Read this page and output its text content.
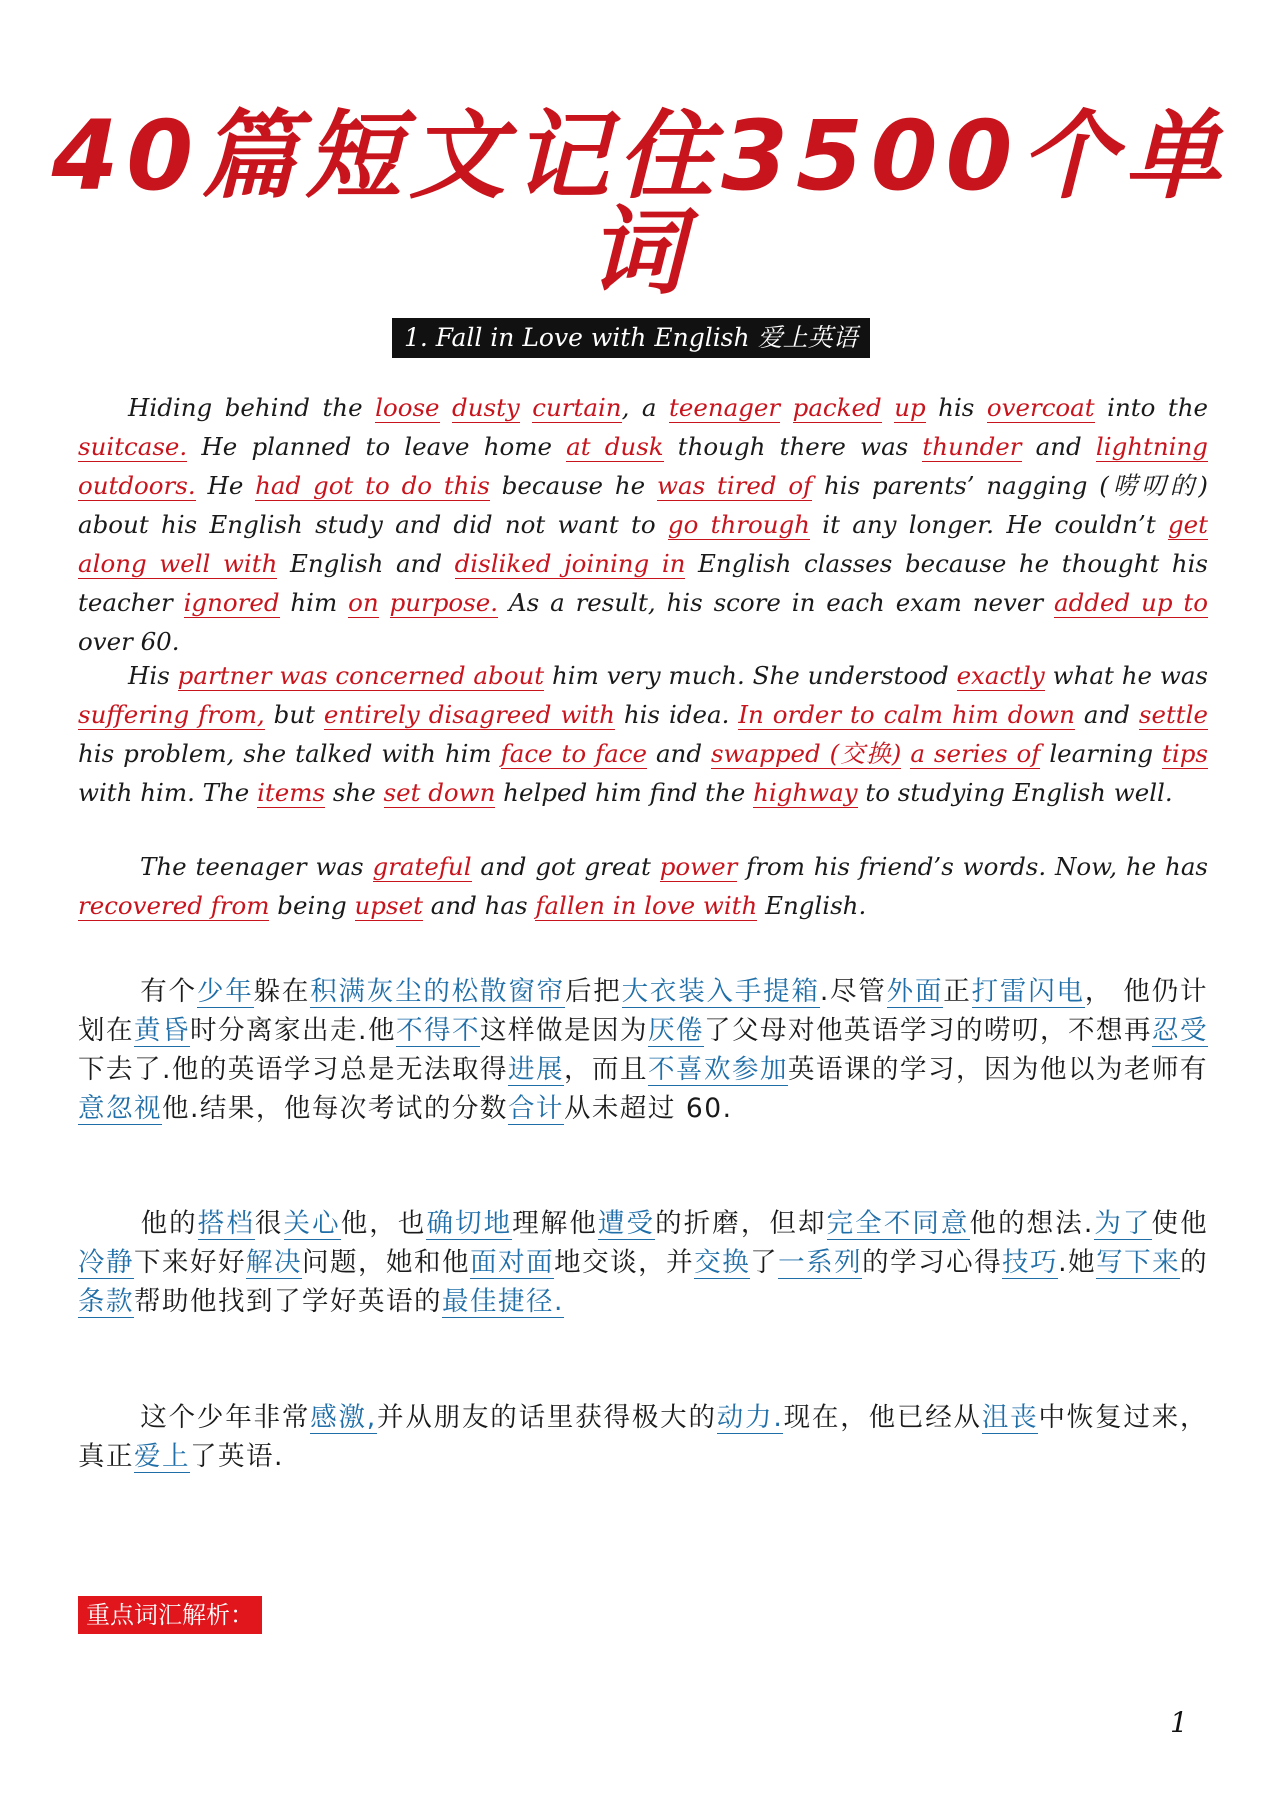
40篇短文记住3500个单词
1. Fall in Love with English 爱上英语

Hiding behind the loose dusty curtain, a teenager packed up his overcoat into the suitcase. He planned to leave home at dusk though there was thunder and lightning outdoors. He had got to do this because he was tired of his parents’ nagging (唠叨的) about his English study and did not want to go through it any longer. He couldn’t get along well with English and disliked joining in English classes because he thought his teacher ignored him on purpose. As a result, his score in each exam never added up to over 60.

His partner was concerned about him very much. She understood exactly what he was suffering from, but entirely disagreed with his idea. In order to calm him down and settle his problem, she talked with him face to face and swapped (交换) a series of learning tips with him. The items she set down helped him find the highway to studying English well.

The teenager was grateful and got great power from his friend’s words. Now, he has recovered from being upset and has fallen in love with English.

有个少年躲在积满灰尘的松散窗帘后把大衣装入手提箱.尽管外面正打雷闪电， 他仍计划在黄昏时分离家出走.他不得不这样做是因为厌倦了父母对他英语学习的唠叨，不想再忍受下去了.他的英语学习总是无法取得进展，而且不喜欢参加英语课的学习，因为他以为老师有意忽视他.结果，他每次考试的分数合计从未超过 60.

他的搭档很关心他，也确切地理解他遭受的折磨，但却完全不同意他的想法.为了使他冷静下来好好解决问题，她和他面对面地交谈，并交换了一系列的学习心得技巧.她写下来的条款帮助他找到了学好英语的最佳捷径.

这个少年非常感激,并从朋友的话里获得极大的动力.现在，他已经从沮丧中恢复过来，真正爱上了英语.

重点词汇解析：
1
